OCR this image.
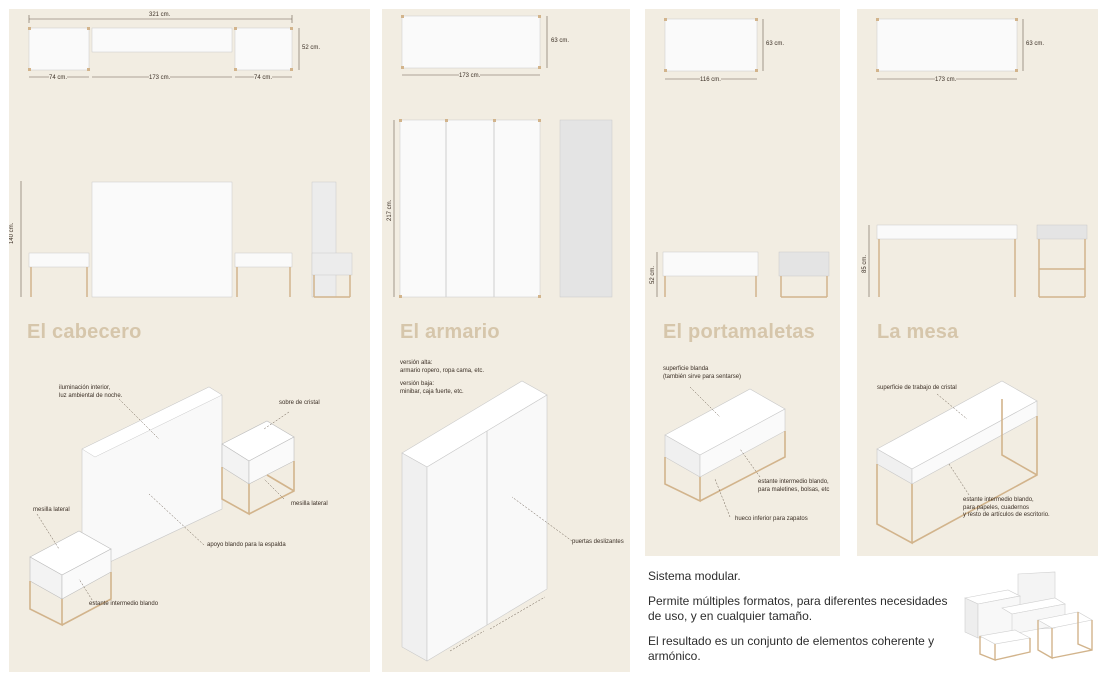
321 cm.
74 cm.	173 cm.	74 cm.
52 cm.
140 cm.
El cabecero
iluminación interior,
luz ambiental de noche.
sobre de cristal
mesilla lateral
mesilla lateral
apoyo blando para la espalda
estante intermedio blando
63 cm.
173 cm.
217 cm.
El armario
versión alta:
armario ropero, ropa cama, etc.
versión baja:
minibar, caja fuerte, etc.
puertas deslizantes
63 cm.
116 cm.
52 cm.
El portamaletas
superficie blanda
(también sirve para sentarse)
estante intermedio blando,
para maletines, bolsas, etc
hueco inferior para zapatos
63 cm.
173 cm.
85 cm.
La mesa
superficie de trabajo de cristal
estante intermedio blando,
para papeles, cuadernos
y resto de artículos de escritorio.

Sistema modular.

Permite múltiples formatos, para diferentes necesidades de uso, y en cualquier tamaño.

El resultado es un conjunto de elementos coherente y armónico.
